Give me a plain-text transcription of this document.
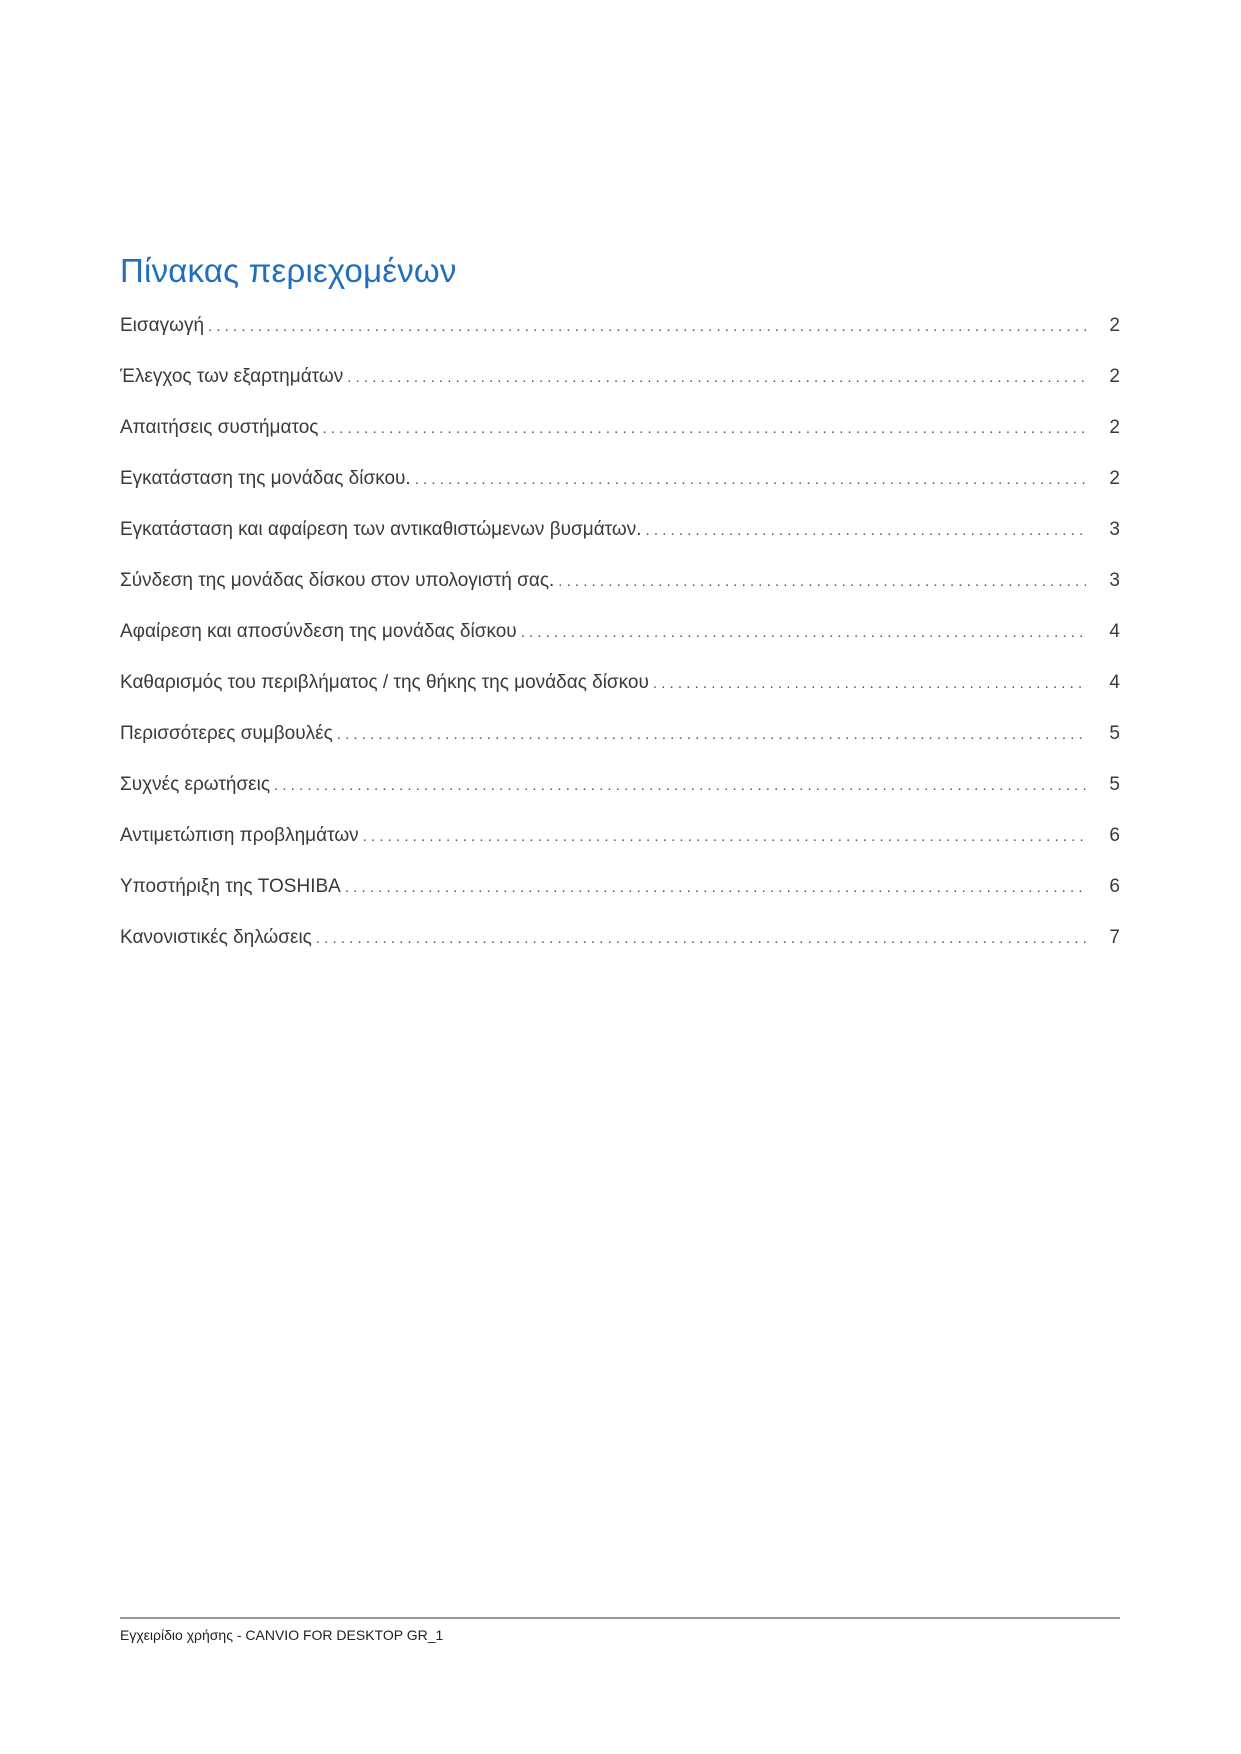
Πίνακας περιεχομένων
Εισαγωγή . . .	2
Έλεγχος των εξαρτημάτων . . .	2
Απαιτήσεις συστήματος . . .	2
Εγκατάσταση της μονάδας δίσκου. . . .	2
Εγκατάσταση και αφαίρεση των αντικαθιστώμενων βυσμάτων. . . .	3
Σύνδεση της μονάδας δίσκου στον υπολογιστή σας. . . .	3
Αφαίρεση και αποσύνδεση της μονάδας δίσκου . . .	4
Καθαρισμός του περιβλήματος / της θήκης της μονάδας δίσκου . . .	4
Περισσότερες συμβουλές . . .	5
Συχνές ερωτήσεις . . .	5
Αντιμετώπιση προβλημάτων . . .	6
Υποστήριξη της TOSHIBA . . .	6
Κανονιστικές δηλώσεις . . .	7
Εγχειρίδιο χρήσης - CANVIO FOR DESKTOP GR_1
